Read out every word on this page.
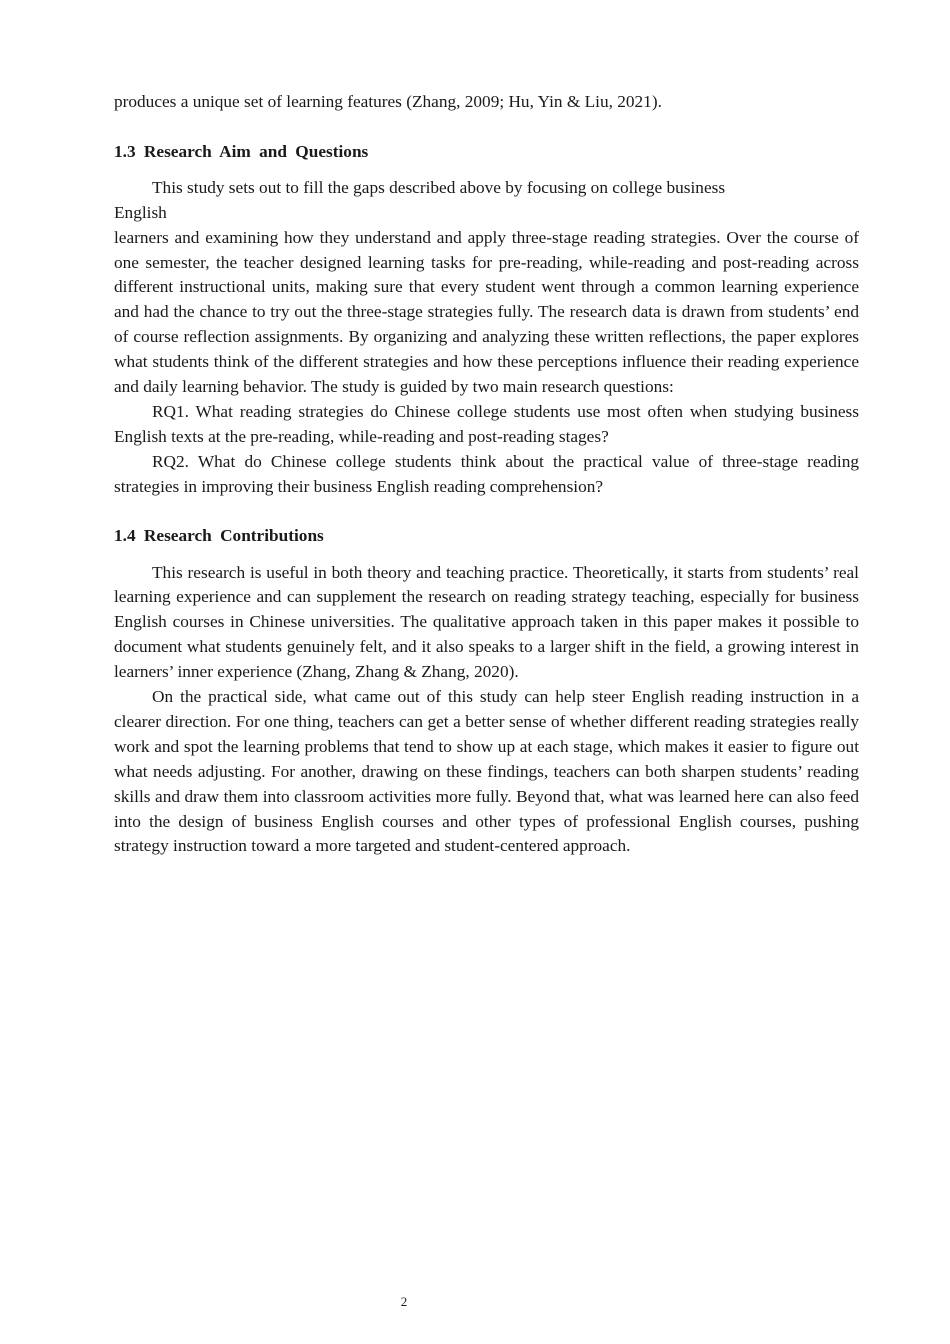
produces a unique set of learning features (Zhang, 2009; Hu, Yin & Liu, 2021).

1.3 Research Aim and Questions

This study sets out to fill the gaps described above by focusing on college business
English

learners and examining how they understand and apply three-stage reading strategies. Over the course of one semester, the teacher designed learning tasks for pre-reading, while-reading and post-reading across different instructional units, making sure that every student went through a common learning experience and had the chance to try out the three-stage strategies fully. The research data is drawn from students’ end of course reflection assignments. By organizing and analyzing these written reflections, the paper explores what students think of the different strategies and how these perceptions influence their reading experience and daily learning behavior. The study is guided by two main research questions:

RQ1. What reading strategies do Chinese college students use most often when studying business English texts at the pre-reading, while-reading and post-reading stages?

RQ2. What do Chinese college students think about the practical value of three-stage reading strategies in improving their business English reading comprehension?

1.4 Research Contributions

This research is useful in both theory and teaching practice. Theoretically, it starts from students’ real learning experience and can supplement the research on reading strategy teaching, especially for business English courses in Chinese universities. The qualitative approach taken in this paper makes it possible to document what students genuinely felt, and it also speaks to a larger shift in the field, a growing interest in learners’ inner experience (Zhang, Zhang & Zhang, 2020).

On the practical side, what came out of this study can help steer English reading instruction in a clearer direction. For one thing, teachers can get a better sense of whether different reading strategies really work and spot the learning problems that tend to show up at each stage, which makes it easier to figure out what needs adjusting. For another, drawing on these findings, teachers can both sharpen students’ reading skills and draw them into classroom activities more fully. Beyond that, what was learned here can also feed into the design of business English courses and other types of professional English courses, pushing strategy instruction toward a more targeted and student-centered approach.

2
